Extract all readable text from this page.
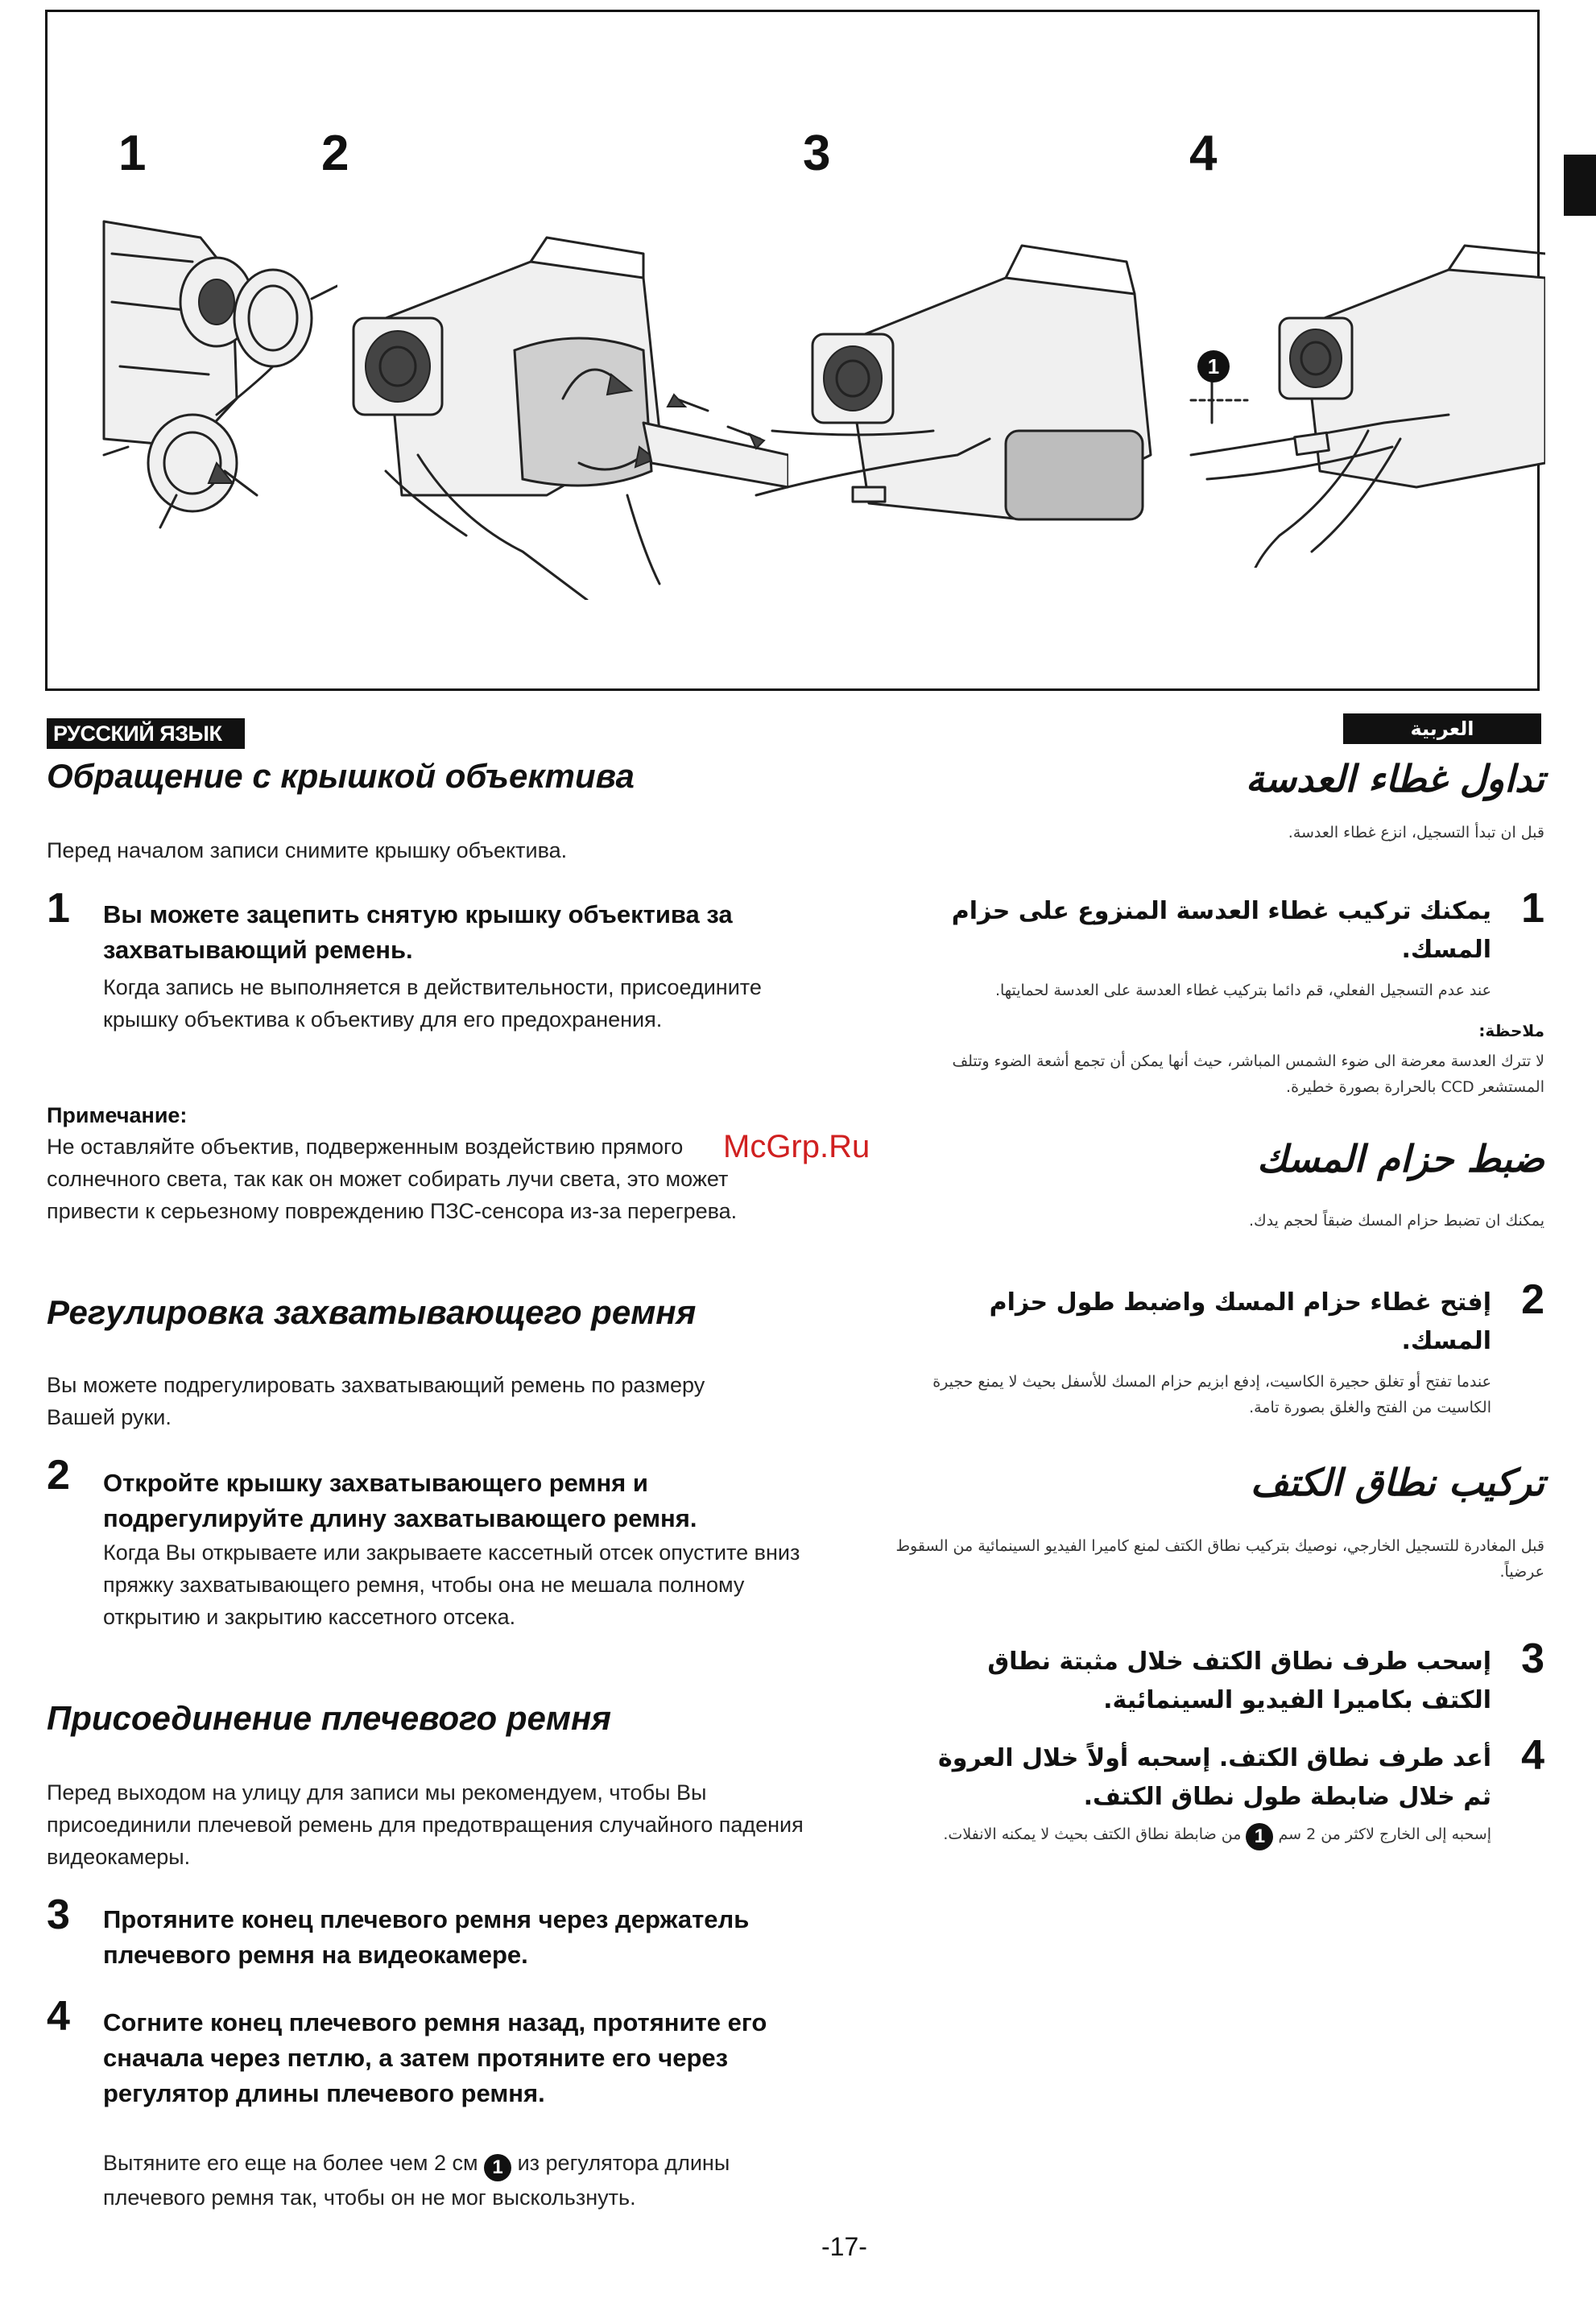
1	2	3	4
1
РУССКИЙ ЯЗЫК	العربية
Обращение с крышкой объектива
Перед началом записи снимите крышку объектива.
1 Вы можете зацепить снятую крышку объектива за захватывающий ремень.
Когда запись не выполняется в действительности, присоедините крышку объектива к объективу для его предохранения.
Примечание:
Не оставляйте объектив, подверженным воздействию прямого солнечного света, так как он может собирать лучи света, это может привести к серьезному повреждению ПЗС-сенсора из-за перегрева.
Регулировка захватывающего ремня
Вы можете подрегулировать захватывающий ремень по размеру Вашей руки.
2 Откройте крышку захватывающего ремня и подрегулируйте длину захватывающего ремня.
Когда Вы открываете или закрываете кассетный отсек опустите вниз пряжку захватывающего ремня, чтобы она не мешала полному открытию и закрытию кассетного отсека.
Присоединение плечевого ремня
Перед выходом на улицу для записи мы рекомендуем, чтобы Вы присоединили плечевой ремень для предотвращения случайного падения видеокамеры.
3 Протяните конец плечевого ремня через держатель плечевого ремня на видеокамере.
4 Согните конец плечевого ремня назад, протяните его сначала через петлю, а затем протяните его через регулятор длины плечевого ремня.
Вытяните его еще на более чем 2 см 1 из регулятора длины плечевого ремня так, чтобы он не мог выскользнуть.
McGrp.Ru
تداول غطاء العدسة
قبل ان تبدأ التسجيل، انزع غطاء العدسة.
1
يمكنك تركيب غطاء العدسة المنزوع على حزام المسك.
عند عدم التسجيل الفعلي، قم دائما بتركيب غطاء العدسة على العدسة لحمايتها.
ملاحظة:
لا تترك العدسة معرضة الى ضوء الشمس المباشر، حيث أنها يمكن أن تجمع أشعة الضوء وتتلف المستشعر CCD بالحرارة بصورة خطيرة.
ضبط حزام المسك
يمكنك ان تضبط حزام المسك ضبقاً لحجم يدك.
2
إفتح غطاء حزام المسك واضبط طول حزام المسك.
عندما تفتح أو تغلق حجيرة الكاسيت، إدفع ابزيم حزام المسك للأسفل بحيث لا يمنع حجيرة الكاسيت من الفتح والغلق بصورة تامة.
تركيب نطاق الكتف
قبل المغادرة للتسجيل الخارجي، نوصيك بتركيب نطاق الكتف لمنع كاميرا الفيديو السينمائية من السقوط عرضياً.
3
إسحب طرف نطاق الكتف خلال مثبتة نطاق الكتف بكاميرا الفيديو السينمائية.
4
أعد طرف نطاق الكتف. إسحبه أولاً خلال العروة ثم خلال ضابطة طول نطاق الكتف.
إسحبه إلى الخارج لاكثر من 2 سم 1 من ضابطة نطاق الكتف بحيث لا يمكنه الانفلات.
-17-
